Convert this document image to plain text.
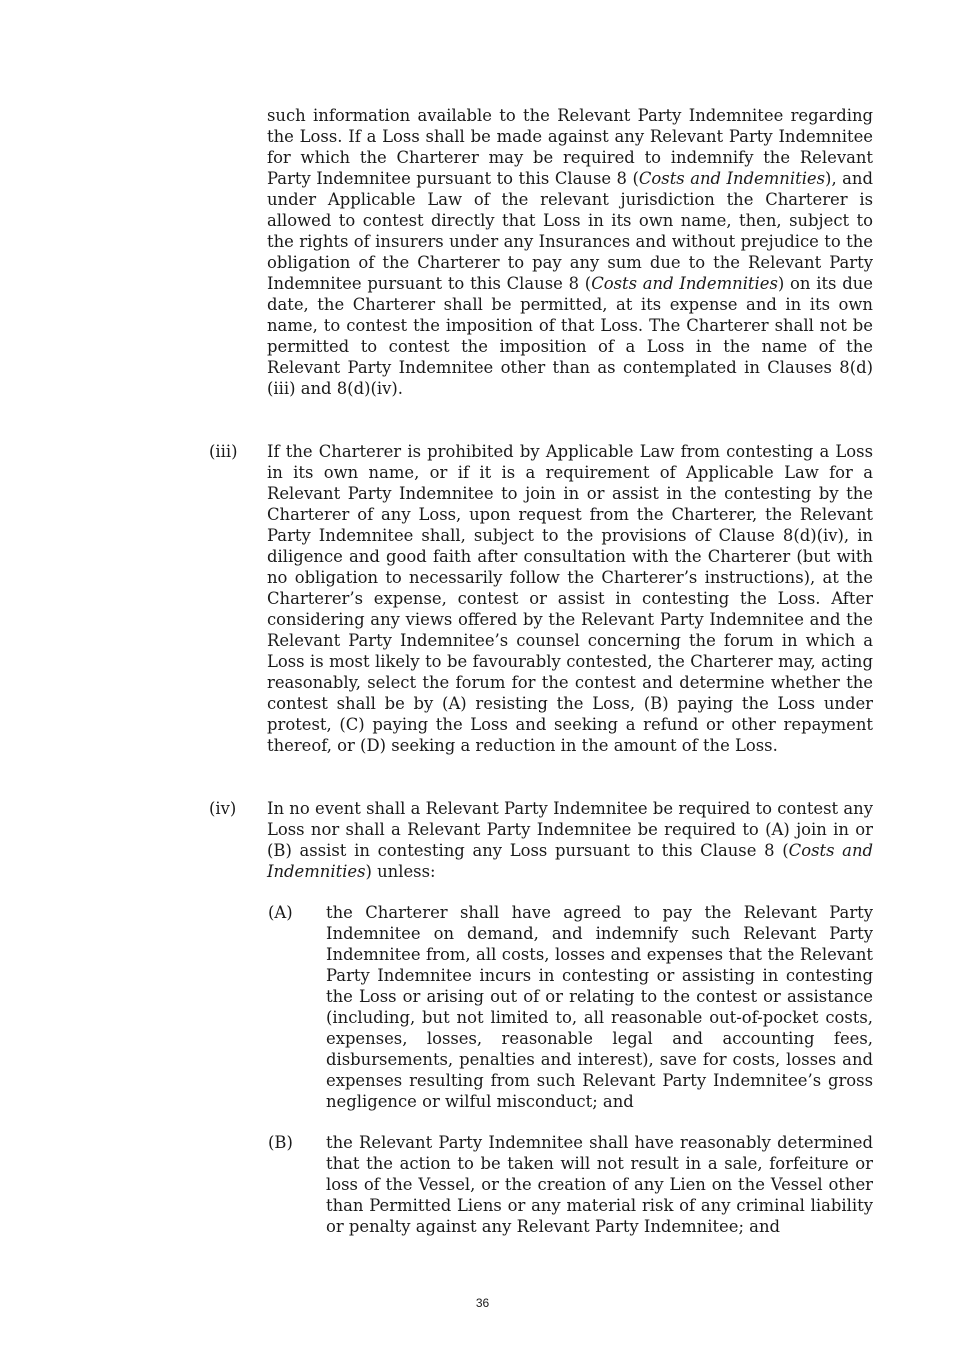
such information available to the Relevant Party Indemnitee regarding the Loss. If a Loss shall be made against any Relevant Party Indemnitee for which the Charterer may be required to indemnify the Relevant Party Indemnitee pursuant to this Clause 8 (Costs and Indemnities), and under Applicable Law of the relevant jurisdiction the Charterer is allowed to contest directly that Loss in its own name, then, subject to the rights of insurers under any Insurances and without prejudice to the obligation of the Charterer to pay any sum due to the Relevant Party Indemnitee pursuant to this Clause 8 (Costs and Indemnities) on its due date, the Charterer shall be permitted, at its expense and in its own name, to contest the imposition of that Loss. The Charterer shall not be permitted to contest the imposition of a Loss in the name of the Relevant Party Indemnitee other than as contemplated in Clauses 8(d)(iii) and 8(d)(iv).

(iii) If the Charterer is prohibited by Applicable Law from contesting a Loss in its own name, or if it is a requirement of Applicable Law for a Relevant Party Indemnitee to join in or assist in the contesting by the Charterer of any Loss, upon request from the Charterer, the Relevant Party Indemnitee shall, subject to the provisions of Clause 8(d)(iv), in diligence and good faith after consultation with the Charterer (but with no obligation to necessarily follow the Charterer’s instructions), at the Charterer’s expense, contest or assist in contesting the Loss. After considering any views offered by the Relevant Party Indemnitee and the Relevant Party Indemnitee’s counsel concerning the forum in which a Loss is most likely to be favourably contested, the Charterer may, acting reasonably, select the forum for the contest and determine whether the contest shall be by (A) resisting the Loss, (B) paying the Loss under protest, (C) paying the Loss and seeking a refund or other repayment thereof, or (D) seeking a reduction in the amount of the Loss.
(iv) In no event shall a Relevant Party Indemnitee be required to contest any Loss nor shall a Relevant Party Indemnitee be required to (A) join in or (B) assist in contesting any Loss pursuant to this Clause 8 (Costs and Indemnities) unless:
(A) the Charterer shall have agreed to pay the Relevant Party Indemnitee on demand, and indemnify such Relevant Party Indemnitee from, all costs, losses and expenses that the Relevant Party Indemnitee incurs in contesting or assisting in contesting the Loss or arising out of or relating to the contest or assistance (including, but not limited to, all reasonable out-of-pocket costs, expenses, losses, reasonable legal and accounting fees, disbursements, penalties and interest), save for costs, losses and expenses resulting from such Relevant Party Indemnitee’s gross negligence or wilful misconduct; and
(B) the Relevant Party Indemnitee shall have reasonably determined that the action to be taken will not result in a sale, forfeiture or loss of the Vessel, or the creation of any Lien on the Vessel other than Permitted Liens or any material risk of any criminal liability or penalty against any Relevant Party Indemnitee; and
36
